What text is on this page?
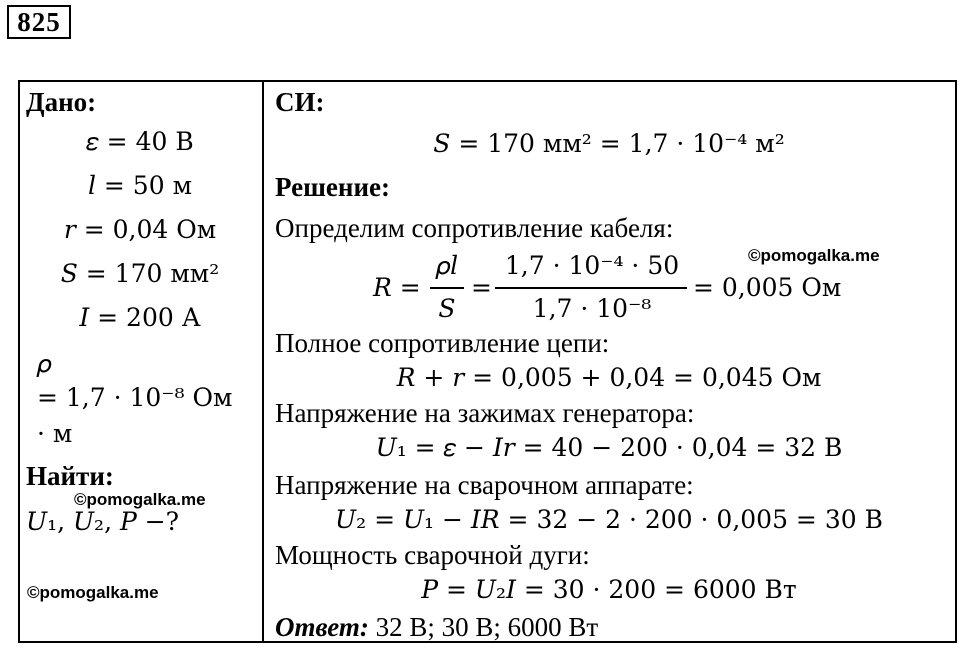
825
Дано:
𝜀 = 40 В
𝑙 = 50 м
𝑟 = 0,04 Ом
𝑆 = 170 мм²
𝐼 = 200 А
𝜌
= 1,7 · 10⁻⁸ Ом
· м
Найти:
𝑈₁, 𝑈₂, 𝑃 −?
©pomogalka.me
©pomogalka.me
СИ:
𝑆 = 170 мм² = 1,7 · 10⁻⁴ м²
Решение:
Определим сопротивление кабеля:
©pomogalka.me
𝑅 =
𝜌𝑙
𝑆
=
1,7 · 10⁻⁴ · 50
1,7 · 10⁻⁸
= 0,005 Ом
Полное сопротивление цепи:
𝑅 + 𝑟 = 0,005 + 0,04 = 0,045 Ом
Напряжение на зажимах генератора:
𝑈₁ = 𝜀 − 𝐼𝑟 = 40 − 200 · 0,04 = 32 В
Напряжение на сварочном аппарате:
𝑈₂ = 𝑈₁ − 𝐼𝑅 = 32 − 2 · 200 · 0,005 = 30 В
Мощность сварочной дуги:
𝑃 = 𝑈₂𝐼 = 30 · 200 = 6000 Вт
Ответ: 32 В; 30 В; 6000 Вт
